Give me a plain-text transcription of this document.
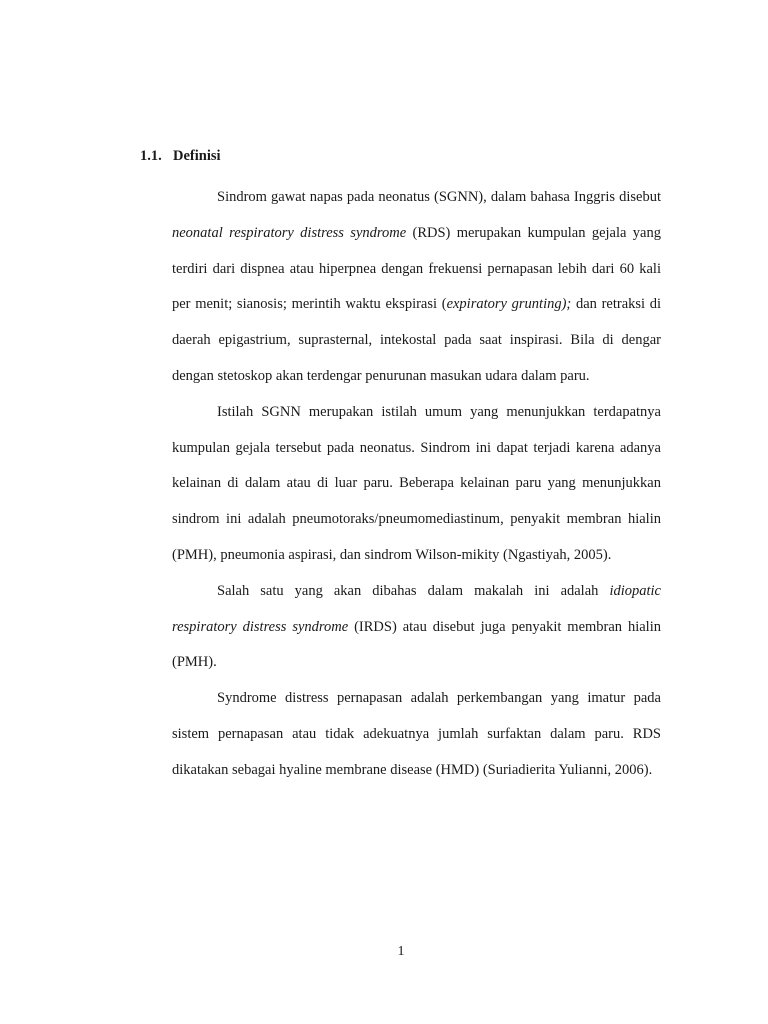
1.1. Definisi

Sindrom gawat napas pada neonatus (SGNN), dalam bahasa Inggris disebut neonatal respiratory distress syndrome (RDS) merupakan kumpulan gejala yang terdiri dari dispnea atau hiperpnea dengan frekuensi pernapasan lebih dari 60 kali per menit; sianosis; merintih waktu ekspirasi (expiratory grunting); dan retraksi di daerah epigastrium, suprasternal, intekostal pada saat inspirasi. Bila di dengar dengan stetoskop akan terdengar penurunan masukan udara dalam paru.

Istilah SGNN merupakan istilah umum yang menunjukkan terdapatnya kumpulan gejala tersebut pada neonatus. Sindrom ini dapat terjadi karena adanya kelainan di dalam atau di luar paru. Beberapa kelainan paru yang menunjukkan sindrom ini adalah pneumotoraks/pneumomediastinum, penyakit membran hialin (PMH), pneumonia aspirasi, dan sindrom Wilson-mikity (Ngastiyah, 2005).

Salah satu yang akan dibahas dalam makalah ini adalah idiopatic respiratory distress syndrome (IRDS) atau disebut juga penyakit membran hialin (PMH).

Syndrome distress pernapasan adalah perkembangan yang imatur pada sistem pernapasan atau tidak adekuatnya jumlah surfaktan dalam paru. RDS dikatakan sebagai hyaline membrane disease (HMD) (Suriadierita Yulianni, 2006).

1
